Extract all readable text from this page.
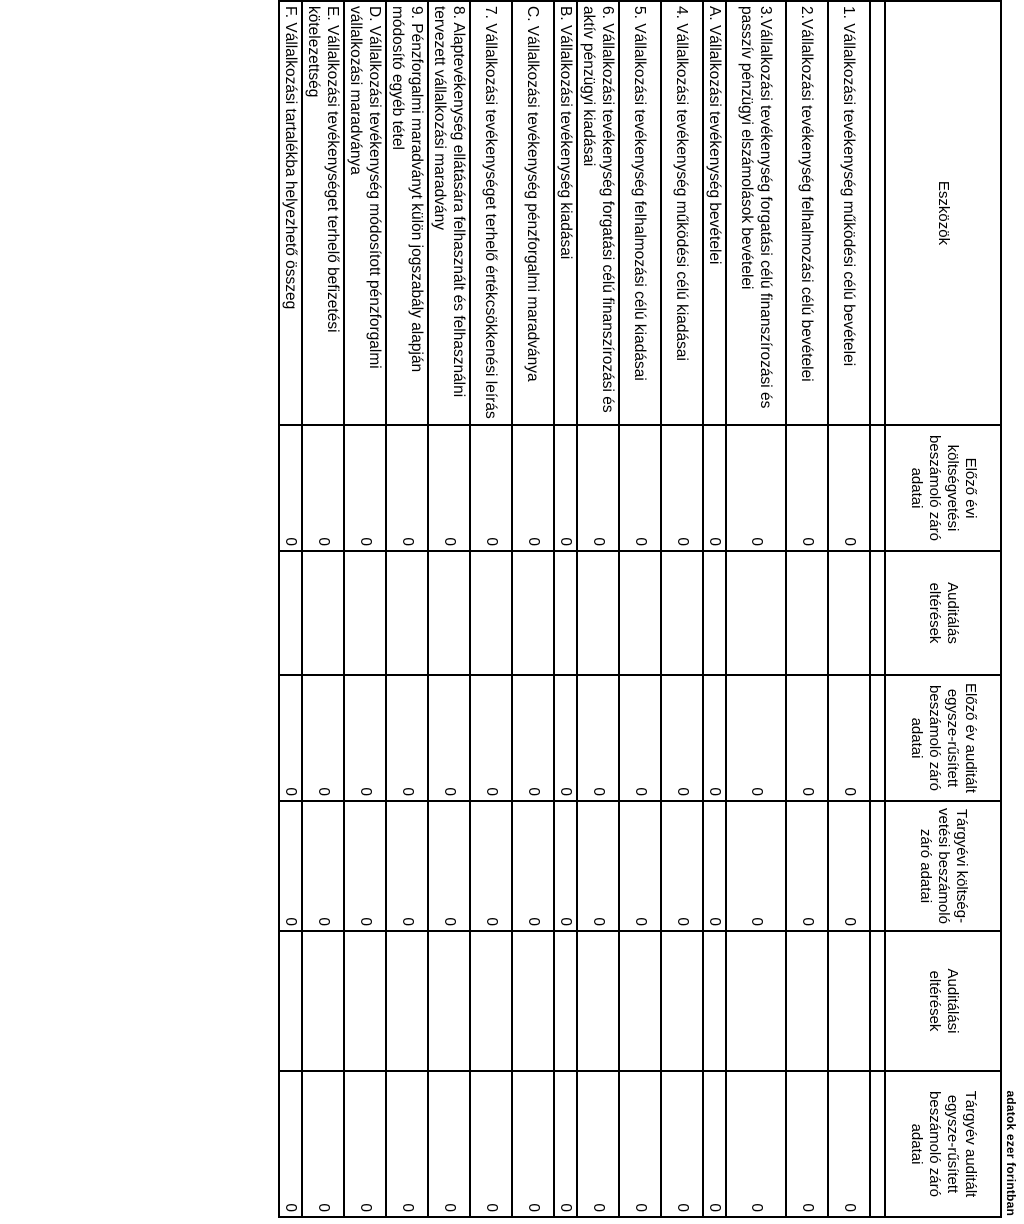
adatok ezer forintban
Eszközök	Előző évi költségvetési beszámoló záró adatai	Auditálás eltérések	Előző év auditált egysze-rűsített beszámoló záró adatai	Tárgyévi költség-vetési beszámoló záró adatai	Auditálási eltérések	Tárgyév auditált egysze-rűsített beszámoló záró adatai

1. Vállalkozási tevékenység működési célú bevételei	0		0	0		0
2.Vállalkozási tevékenység felhalmozási célú bevételei	0		0	0		0
3.Vállalkozási tevékenység forgatási célú finanszírozási és passzív pénzügyi elszámolások bevételei	0		0	0		0
A. Vállalkozási tevékenység bevételei	0		0	0		0
4. Vállalkozási tevékenység működési célú kiadásai	0		0	0		0
5. Vállalkozási tevékenység felhalmozási célú kiadásai	0		0	0		0
6. Vállalkozási tevékenység forgatási célú finanszírozási és aktív pénzügyi kiadásai	0		0	0		0
B. Vállalkozási tevékenység kiadásai	0		0	0		0
C. Vállalkozási tevékenység pénzforgalmi maradványa	0		0	0		0
7. Vállalkozási tevékenységet terhelő értékcsökkenési leírás	0		0	0		0
8. Alaptevékenység ellátására felhasznált és felhasználni tervezett vállalkozási maradvány	0		0	0		0
9. Pénzforgalmi maradványt külön jogszabály alapján módosító egyéb tétel	0		0	0		0
D. Vállalkozási tevékenység módosított pénzforgalmi vállalkozási maradványa	0		0	0		0
E. Vállalkozási tevékenységet terhelő befizetési kötelezettség	0		0	0		0
F. Vállalkozási tartalékba helyezhető összeg	0		0	0		0
